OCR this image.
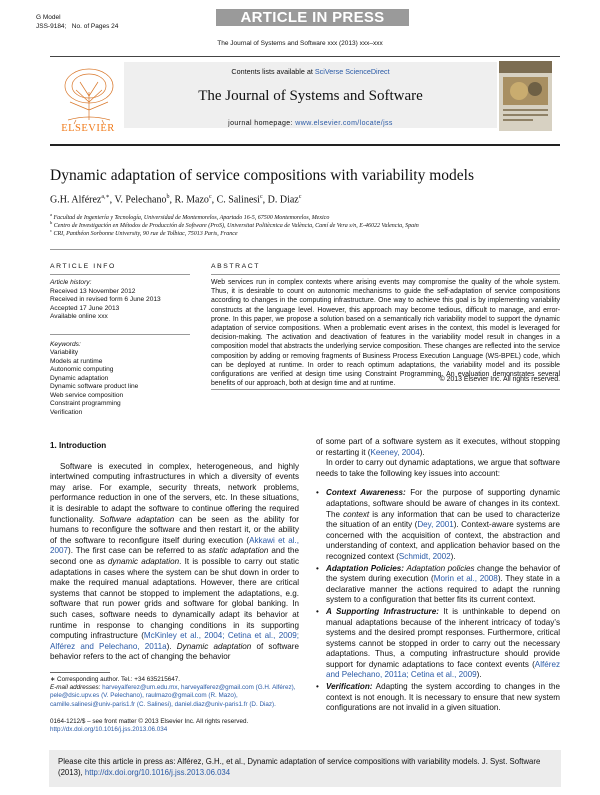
G Model
JSS-9184; No. of Pages 24	ARTICLE IN PRESS
The Journal of Systems and Software xxx (2013) xxx–xxx
Contents lists available at SciVerse ScienceDirect
The Journal of Systems and Software
journal homepage: www.elsevier.com/locate/jss
ELSEVIER
Dynamic adaptation of service compositions with variability models
G.H. Alférez$^{a,∗}$, V. Pelechano$^b$, R. Mazo$^c$, C. Salinesi$^c$, D. Diaz$^c$
$^a$ Facultad de Ingeniería y Tecnología, Universidad de Montemorelos, Apartado 16-5, 67500 Montemorelos, Mexico
$^b$ Centro de Investigación en Métodos de Producción de Software (ProS), Universitat Politècnica de València, Camí de Vera s/n, E-46022 Valencia, Spain
$^c$ CRI, Panthéon Sorbonne University, 90 rue de Tolbiac, 75013 Paris, France
ARTICLE INFO
Article history:
Received 13 November 2012
Received in revised form 6 June 2013
Accepted 17 June 2013
Available online xxx
Keywords:
Variability
Models at runtime
Autonomic computing
Dynamic adaptation
Dynamic software product line
Web service composition
Constraint programming
Verification
ABSTRACT
Web services run in complex contexts where arising events may compromise the quality of the whole system. Thus, it is desirable to count on autonomic mechanisms to guide the self-adaptation of service compositions according to changes in the computing infrastructure. One way to achieve this goal is by implementing variability constructs at the language level. However, this approach may become tedious, difficult to manage, and error-prone. In this paper, we propose a solution based on a semantically rich variability model to support the dynamic adaptation of service compositions. When a problematic event arises in the context, this model is leveraged for decision-making. The activation and deactivation of features in the variability model result in changes in a composition model that abstracts the underlying service composition. These changes are reflected into the service composition by adding or removing fragments of Business Process Execution Language (WS-BPEL) code, which can be deployed at runtime. In order to reach optimum adaptations, the variability model and its possible configurations are verified at design time using Constraint Programming. An evaluation demonstrates several benefits of our approach, both at design time and at runtime.
© 2013 Elsevier Inc. All rights reserved.
1. Introduction
Software is executed in complex, heterogeneous, and highly intertwined computing infrastructures in which a diversity of events may arise. For example, security threats, network problems, performance reduction in one of the servers, etc. In these situations, it is desirable to adapt the software to continue offering the required functionality. Software adaptation can be seen as the ability for humans to reconfigure the software and then restart it, or the ability of the software to reconfigure itself during execution (Akkawi et al., 2007). The first case can be referred to as static adaptation and the second one as dynamic adaptation. It is possible to carry out static adaptations in cases where the system can be shut down in order to make the required manual adaptations. However, there are critical systems that cannot be stopped to implement the adaptations, e.g. software that run power grids and software for global banking. In such cases, software needs to dynamically adapt its behavior at runtime in response to changing conditions in its supporting computing infrastructure (McKinley et al., 2004; Cetina et al., 2009; Alférez and Pelechano, 2011a). Dynamic adaptation of software behavior refers to the act of changing the behavior
of some part of a software system as it executes, without stopping or restarting it (Keeney, 2004).
In order to carry out dynamic adaptations, we argue that software needs to take the following key issues into account:
• Context Awareness: For the purpose of supporting dynamic adaptations, software should be aware of changes in its context. The context is any information that can be used to characterize the situation of an entity (Dey, 2001). Context-aware systems are concerned with the acquisition of context, the abstraction and understanding of context, and application behavior based on the recognized context (Schmidt, 2002).
• Adaptation Policies: Adaptation policies change the behavior of the system during execution (Morin et al., 2008). They state in a declarative manner the actions required to adapt the running system to a configuration that better fits its current context.
• A Supporting Infrastructure: It is unthinkable to depend on manual adaptations because of the inherent intricacy of today’s systems and the desired prompt responses. Furthermore, critical systems cannot be stopped in order to carry out the necessary adaptations. Thus, a computing infrastructure should provide support for dynamic adaptations to face context events (Alférez and Pelechano, 2011a; Cetina et al., 2009).
• Verification: Adapting the system according to changes in the context is not enough. It is necessary to ensure that new system configurations are not invalid in a given situation.
∗ Corresponding author. Tel.: +34 635215647.
E-mail addresses: harveyalferez@um.edu.mx, harveyalferez@gmail.com (G.H. Alférez), pele@dsic.upv.es (V. Pelechano), raulmazo@gmail.com (R. Mazo), camille.salinesi@univ-paris1.fr (C. Salinesi), daniel.diaz@univ-paris1.fr (D. Diaz).
0164-1212/$ – see front matter © 2013 Elsevier Inc. All rights reserved.
http://dx.doi.org/10.1016/j.jss.2013.06.034
Please cite this article in press as: Alférez, G.H., et al., Dynamic adaptation of service compositions with variability models. J. Syst. Software (2013), http://dx.doi.org/10.1016/j.jss.2013.06.034
